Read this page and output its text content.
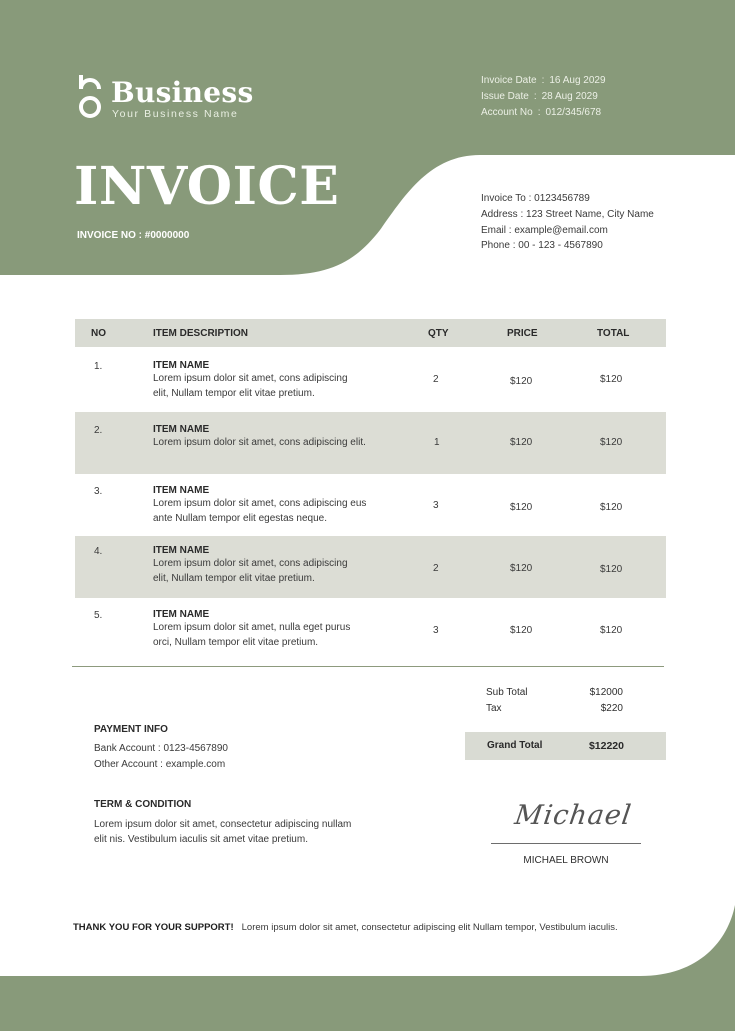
Business
Your Business Name
Invoice Date : 16 Aug 2029
Issue Date : 28 Aug 2029
Account No : 012/345/678
INVOICE
INVOICE NO : #0000000
Invoice To : 0123456789
Address : 123 Street Name, City Name
Email : example@email.com
Phone : 00 - 123 - 4567890
NO	ITEM DESCRIPTION	QTY	PRICE	TOTAL
1.	ITEM NAME
Lorem ipsum dolor sit amet, cons adipiscing
elit, Nullam tempor elit vitae pretium.
2	$120	$120
2.	ITEM NAME
Lorem ipsum dolor sit amet, cons adipiscing elit.	1	$120	$120
3.	ITEM NAME
Lorem ipsum dolor sit amet, cons adipiscing eus
ante Nullam tempor elit egestas neque.
3	$120	$120
4.	ITEM NAME
Lorem ipsum dolor sit amet, cons adipiscing
elit, Nullam tempor elit vitae pretium.
2	$120	$120
5.	ITEM NAME
Lorem ipsum dolor sit amet, nulla eget purus
orci, Nullam tempor elit vitae pretium.
3	$120	$120
Sub Total	$12000
Tax	$220
Grand Total	$12220
PAYMENT INFO
Bank Account : 0123-4567890
Other Account : example.com
TERM & CONDITION
Lorem ipsum dolor sit amet, consectetur adipiscing nullam
elit nis. Vestibulum iaculis sit amet vitae pretium.
Michael
MICHAEL BROWN
THANK YOU FOR YOUR SUPPORT! Lorem ipsum dolor sit amet, consectetur adipiscing elit Nullam tempor, Vestibulum iaculis.
